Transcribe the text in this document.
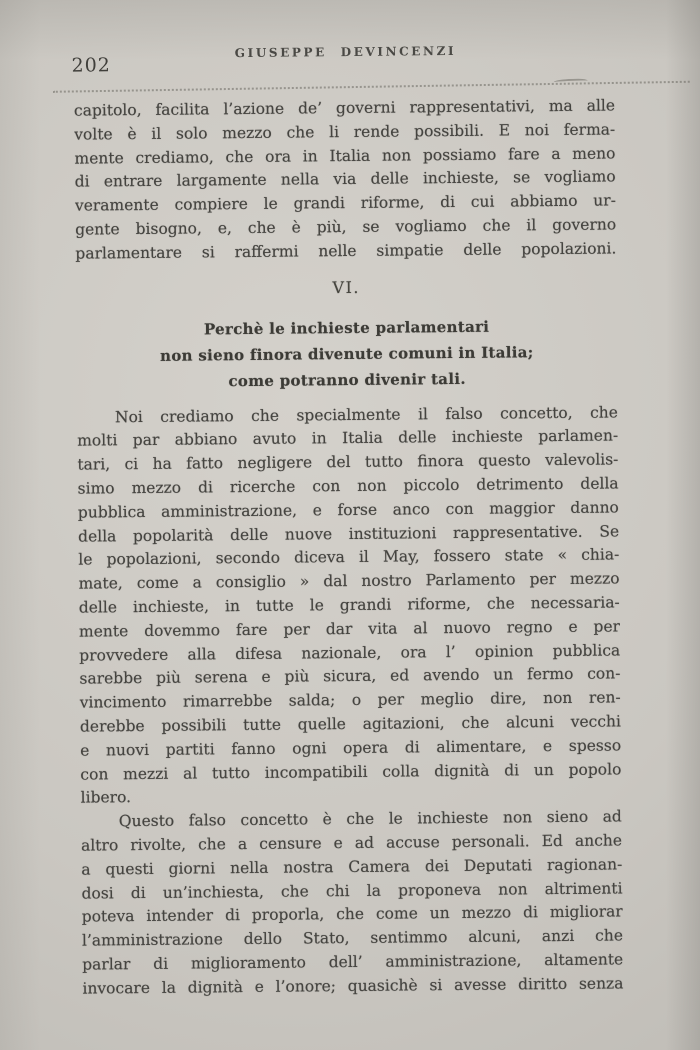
202
GIUSEPPE DEVINCENZI
capitolo, facilita l’azione de’ governi rappresentativi, ma alle
volte è il solo mezzo che li rende possibili. E noi ferma-
mente crediamo, che ora in Italia non possiamo fare a meno
di entrare largamente nella via delle inchieste, se vogliamo
veramente compiere le grandi riforme, di cui abbiamo ur-
gente bisogno, e, che è più, se vogliamo che il governo
parlamentare si raffermi nelle simpatie delle popolazioni.
VI.
Perchè le inchieste parlamentari
non sieno finora divenute comuni in Italia;
come potranno divenir tali.
Noi crediamo che specialmente il falso concetto, che
molti par abbiano avuto in Italia delle inchieste parlamen-
tari, ci ha fatto negligere del tutto finora questo valevolis-
simo mezzo di ricerche con non piccolo detrimento della
pubblica amministrazione, e forse anco con maggior danno
della popolarità delle nuove instituzioni rappresentative. Se
le popolazioni, secondo diceva il May, fossero state « chia-
mate, come a consiglio » dal nostro Parlamento per mezzo
delle inchieste, in tutte le grandi riforme, che necessaria-
mente dovemmo fare per dar vita al nuovo regno e per
provvedere alla difesa nazionale, ora l’ opinion pubblica
sarebbe più serena e più sicura, ed avendo un fermo con-
vincimento rimarrebbe salda; o per meglio dire, non ren-
derebbe possibili tutte quelle agitazioni, che alcuni vecchi
e nuovi partiti fanno ogni opera di alimentare, e spesso
con mezzi al tutto incompatibili colla dignità di un popolo
libero.
Questo falso concetto è che le inchieste non sieno ad
altro rivolte, che a censure e ad accuse personali. Ed anche
a questi giorni nella nostra Camera dei Deputati ragionan-
dosi di un’inchiesta, che chi la proponeva non altrimenti
poteva intender di proporla, che come un mezzo di migliorar
l’amministrazione dello Stato, sentimmo alcuni, anzi che
parlar di miglioramento dell’ amministrazione, altamente
invocare la dignità e l’onore; quasichè si avesse diritto senza
